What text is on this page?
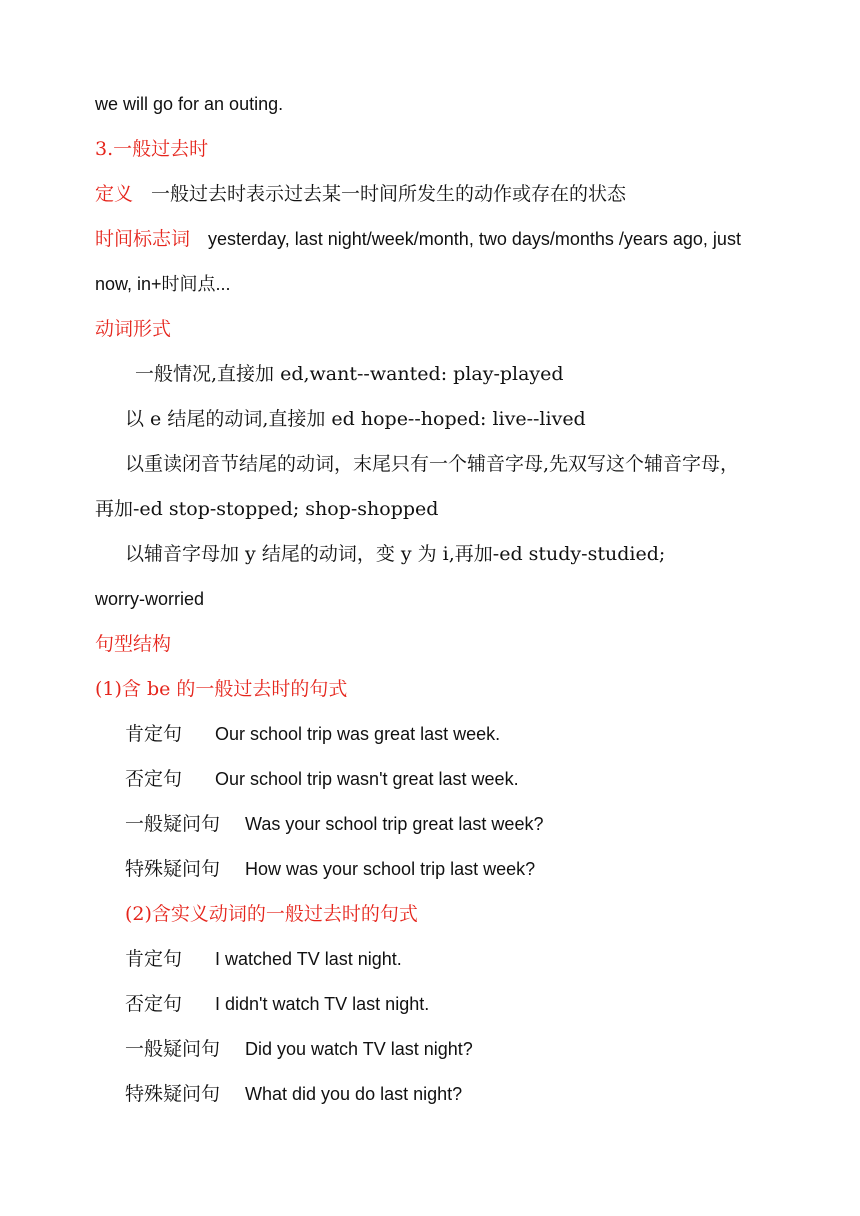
we will go for an outing.
3.一般过去时
定义 一般过去时表示过去某一时间所发生的动作或存在的状态
时间标志词 yesterday, last night/week/month, two days/months /years ago, just
now, in+时间点...
动词形式
一般情况,直接加 ed,want--wanted: play-played
以 e 结尾的动词,直接加 ed hope--hoped: live--lived
以重读闭音节结尾的动词，末尾只有一个辅音字母,先双写这个辅音字母，
再加-ed stop-stopped; shop-shopped
以辅音字母加 y 结尾的动词，变 y 为 i,再加-ed study-studied;
worry-worried
句型结构
(1)含 be 的一般过去时的句式
肯定句 Our school trip was great last week.
否定句 Our school trip wasn't great last week.
一般疑问句 Was your school trip great last week?
特殊疑问句 How was your school trip last week?
(2)含实义动词的一般过去时的句式
肯定句 I watched TV last night.
否定句 I didn't watch TV last night.
一般疑问句 Did you watch TV last night?
特殊疑问句 What did you do last night?
